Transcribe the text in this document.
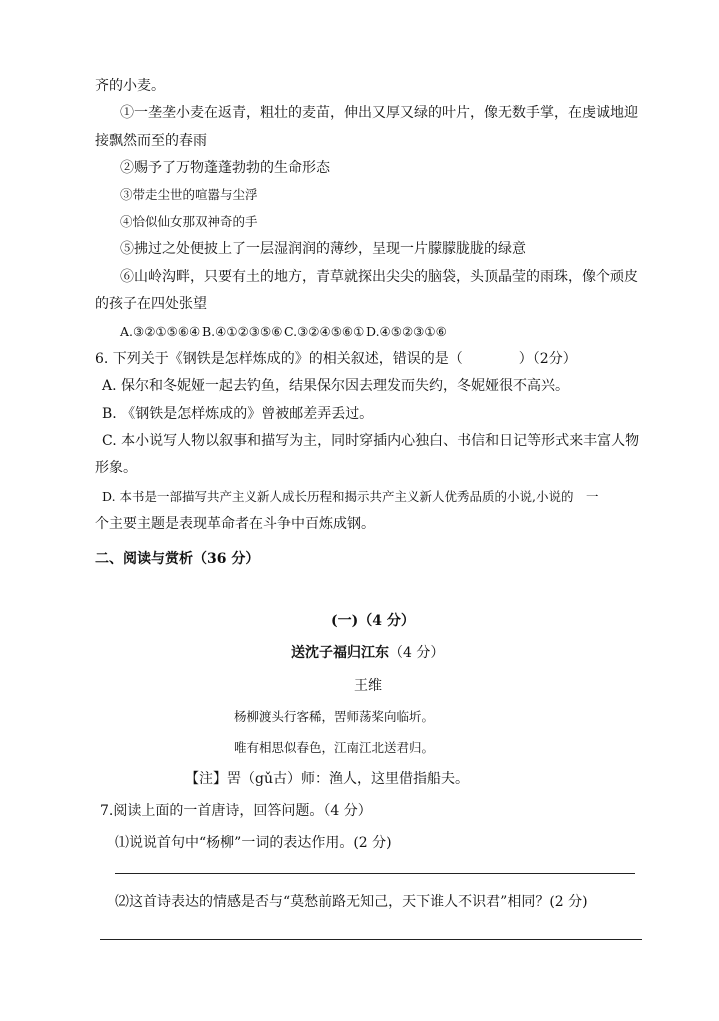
齐的小麦。
①一垄垄小麦在返青，粗壮的麦苗，伸出又厚又绿的叶片，像无数手掌，在虔诚地迎
接飘然而至的春雨
②赐予了万物蓬蓬勃勃的生命形态
③带走尘世的喧嚣与尘浮
④恰似仙女那双神奇的手
⑤拂过之处便披上了一层湿润润的薄纱，呈现一片朦朦胧胧的绿意
⑥山岭沟畔，只要有土的地方，青草就探出尖尖的脑袋，头顶晶莹的雨珠，像个顽皮
的孩子在四处张望
A.③②①⑤⑥④ B.④①②③⑤⑥ C.③②④⑤⑥① D.④⑤②③①⑥
6. 下列关于《钢铁是怎样炼成的》的相关叙述，错误的是（　　　　）（2分）
A. 保尔和冬妮娅一起去钓鱼，结果保尔因去理发而失约，冬妮娅很不高兴。
B. 《钢铁是怎样炼成的》曾被邮差弄丢过。
C. 本小说写人物以叙事和描写为主，同时穿插内心独白、书信和日记等形式来丰富人物
形象。
D. 本书是一部描写共产主义新人成长历程和揭示共产主义新人优秀品质的小说,小说的　一
个主要主题是表现革命者在斗争中百炼成钢。
二、阅读与赏析（36 分）
(一)（4 分）
送沈子福归江东（4 分）
王维
杨柳渡头行客稀，罟师荡桨向临圻。
唯有相思似春色，江南江北送君归。
【注】罟（gǔ古）师：渔人，这里借指船夫。
7.阅读上面的一首唐诗，回答问题。（4 分）
⑴说说首句中“杨柳”一词的表达作用。(2 分)
⑵这首诗表达的情感是否与“莫愁前路无知己，天下谁人不识君”相同？(2 分)
